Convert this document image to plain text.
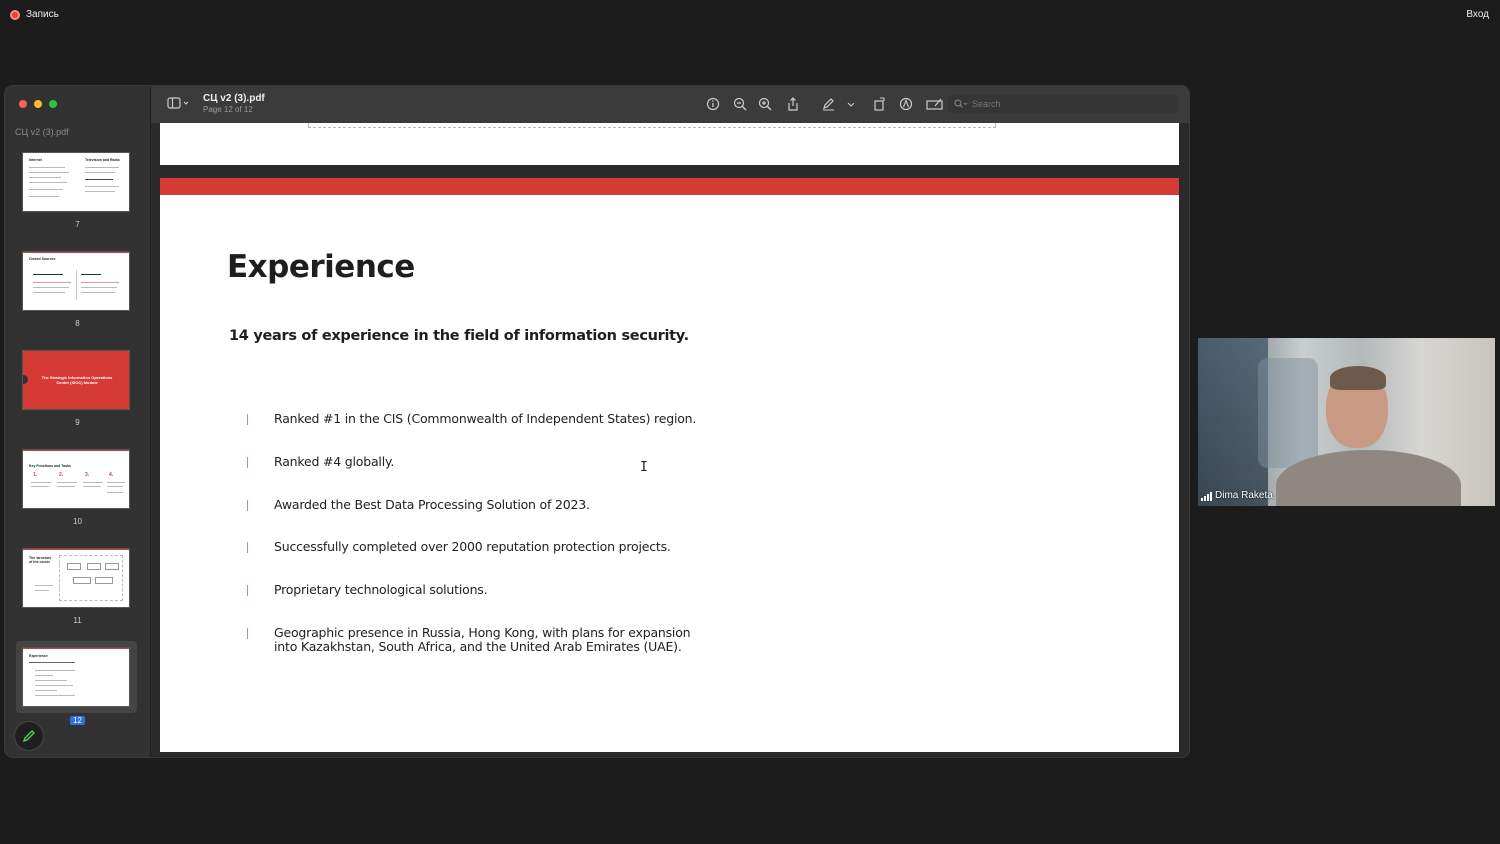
Запись	Вход
СЦ v2 (3).pdf
Internet	Television and Radio
7
Closed Sources
8
The Strategic Information Operations Center (SIOC) Module
9
Key Functions and Tasks
1.	2.	3.	4.
10
The structure of the center
11
Experience
12
СЦ v2 (3).pdf
Page 12 of 12
Search
Experience
14 years of experience in the field of information security.
Ranked #1 in the CIS (Commonwealth of Independent States) region.
Ranked #4 globally.
Awarded the Best Data Processing Solution of 2023.
Successfully completed over 2000 reputation protection projects.
Proprietary technological solutions.
Geographic presence in Russia, Hong Kong, with plans for expansion
into Kazakhstan, South Africa, and the United Arab Emirates (UAE).
I
Dima Raketa
